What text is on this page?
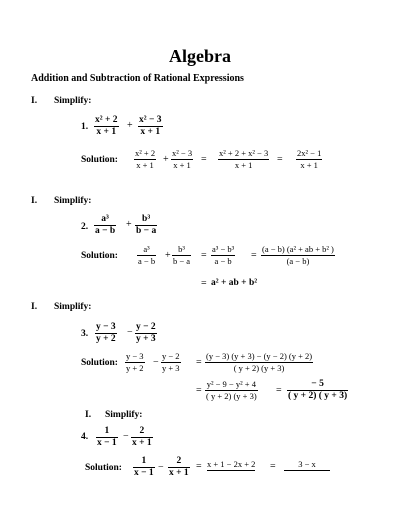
Algebra
Addition and Subtraction of Rational Expressions
I. Simplify:
1. $\frac{\text{x² + 2}}{x + 1} + \frac{\text{x² − 3}}{x + 1}$
Solution: $\frac{\text{x² + 2}}{x + 1} + \frac{\text{x² − 3}}{x + 1} = \frac{\text{x² + 2 + x² − 3}}{x + 1} = \frac{\text{2x² − 1}}{x + 1}$
I. Simplify:
2. $\frac{\text{a³}}{a - b} + \frac{\text{b³}}{b - a}$
Solution: $\frac{\text{a³}}{a - b} + \frac{\text{b³}}{b - a} = \frac{\text{a³ − b³}}{a - b} = \frac{\text{(a − b) (a² + ab + b² )}}{(a - b)}$
= a² + ab + b²
I. Simplify:
3. $\frac{y - 3}{y + 2} - \frac{y - 2}{y + 3}$
Solution: $\frac{y - 3}{y + 2} - \frac{y - 2}{y + 3} = \frac{(y - 3) (y + 3) - (y - 2) (y + 2)}{( y + 2) (y + 3)}$
= $\frac{\text{y² − 9 − y² + 4}}{( y + 2) (y + 3)} = \frac{- 5}{( y + 2) ( y + 3)}$
I. Simplify:
4. $\frac{1}{x - 1} - \frac{2}{x + 1}$
Solution: $\frac{1}{x - 1} - \frac{2}{x + 1} = x + 1 - 2x + 2$ =	3 − x
